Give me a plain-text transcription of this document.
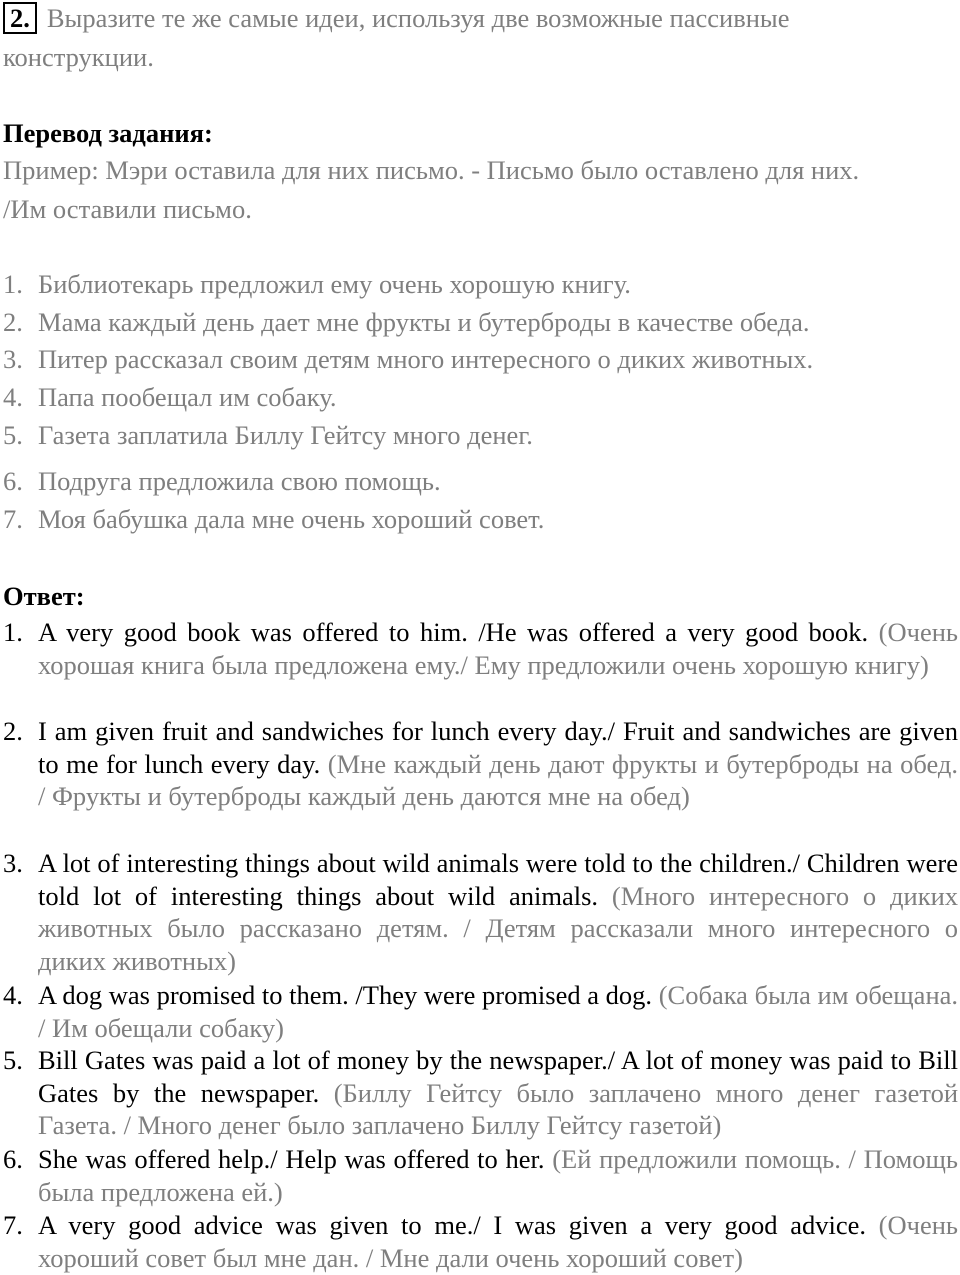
2. Выразите те же самые идеи, используя две возможные пассивные
конструкции.
Перевод задания:
Пример: Мэри оставила для них письмо. - Письмо было оставлено для них.
/Им оставили письмо.
1. Библиотекарь предложил ему очень хорошую книгу.
2. Мама каждый день дает мне фрукты и бутерброды в качестве обеда.
3. Питер рассказал своим детям много интересного о диких животных.
4. Папа пообещал им собаку.
5. Газета заплатила Биллу Гейтсу много денег.
6. Подруга предложила свою помощь.
7. Моя бабушка дала мне очень хороший совет.
Ответ:
1. A very good book was offered to him. /He was offered a very good book. (Очень хорошая книга была предложена ему./ Ему предложили очень хорошую книгу)
2. I am given fruit and sandwiches for lunch every day./ Fruit and sandwiches are given to me for lunch every day. (Мне каждый день дают фрукты и бутерброды на обед. / Фрукты и бутерброды каждый день даются мне на обед)
3. A lot of interesting things about wild animals were told to the children./ Children were told lot of interesting things about wild animals. (Много интересного о диких животных было рассказано детям. / Детям рассказали много интересного о диких животных)
4. A dog was promised to them. /They were promised a dog. (Собака была им обещана. / Им обещали собаку)
5. Bill Gates was paid a lot of money by the newspaper./ A lot of money was paid to Bill Gates by the newspaper. (Биллу Гейтсу было заплачено много денег газетой Газета. / Много денег было заплачено Биллу Гейтсу газетой)
6. She was offered help./ Help was offered to her. (Ей предложили помощь. / Помощь была предложена ей.)
7. A very good advice was given to me./ I was given a very good advice. (Очень хороший совет был мне дан. / Мне дали очень хороший совет)
